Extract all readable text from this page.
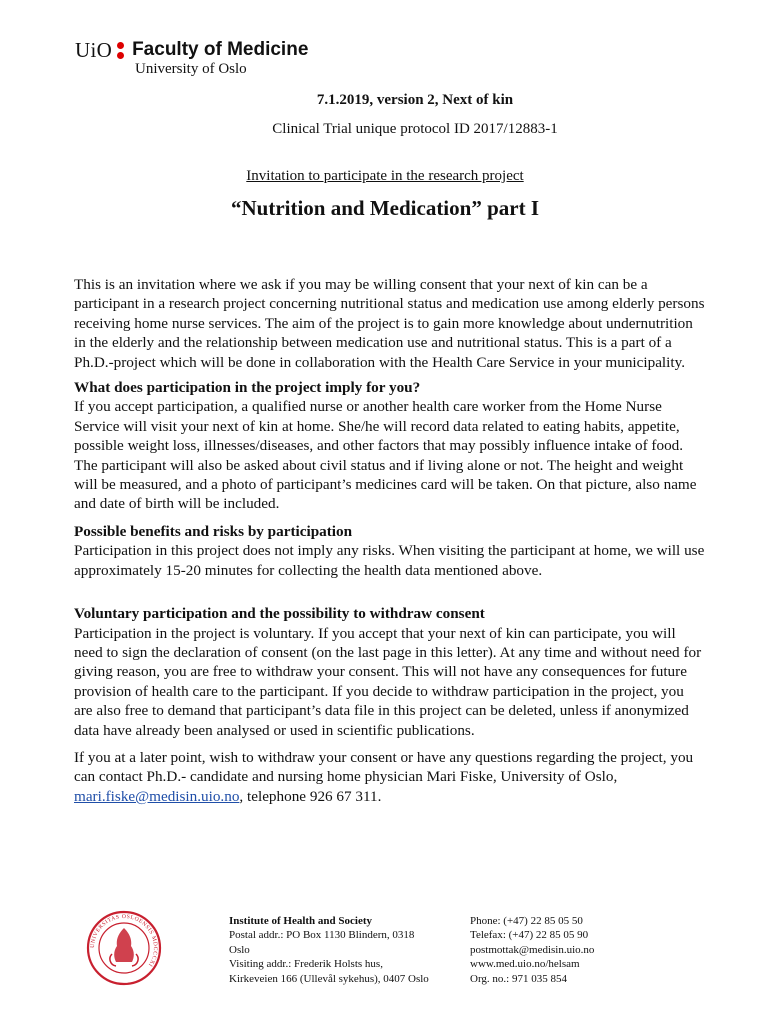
UiO Faculty of Medicine
University of Oslo
7.1.2019, version 2, Next of kin
Clinical Trial unique protocol ID 2017/12883-1
Invitation to participate in the research project
“Nutrition and Medication” part I

This is an invitation where we ask if you may be willing consent that your next of kin can be a participant in a research project concerning nutritional status and medication use among elderly persons receiving home nurse services. The aim of the project is to gain more knowledge about undernutrition in the elderly and the relationship between medication use and nutritional status. This is a part of a Ph.D.-project which will be done in collaboration with the Health Care Service in your municipality.

What does participation in the project imply for you?

If you accept participation, a qualified nurse or another health care worker from the Home Nurse Service will visit your next of kin at home. She/he will record data related to eating habits, appetite, possible weight loss, illnesses/diseases, and other factors that may possibly influence intake of food. The participant will also be asked about civil status and if living alone or not. The height and weight will be measured, and a photo of participant’s medicines card will be taken. On that picture, also name and date of birth will be included.

Possible benefits and risks by participation

Participation in this project does not imply any risks. When visiting the participant at home, we will use approximately 15-20 minutes for collecting the health data mentioned above.

Voluntary participation and the possibility to withdraw consent

Participation in the project is voluntary. If you accept that your next of kin can participate, you will need to sign the declaration of consent (on the last page in this letter). At any time and without need for giving reason, you are free to withdraw your consent. This will not have any consequences for future provision of health care to the participant. If you decide to withdraw participation in the project, you are also free to demand that participant’s data file in this project can be deleted, unless if anonymized data have already been analysed or used in scientific publications.

If you at a later point, wish to withdraw your consent or have any questions regarding the project, you can contact Ph.D.- candidate and nursing home physician Mari Fiske, University of Oslo, mari.fiske@medisin.uio.no, telephone 926 67 311.

UNIVERSITAS OSLOENSIS MDCCCXI
Institute of Health and Society
Postal addr.: PO Box 1130 Blindern, 0318
Oslo
Visiting addr.: Frederik Holsts hus,
Kirkeveien 166 (Ullevål sykehus), 0407 Oslo
Phone: (+47) 22 85 05 50
Telefax: (+47) 22 85 05 90
postmottak@medisin.uio.no
www.med.uio.no/helsam
Org. no.: 971 035 854
